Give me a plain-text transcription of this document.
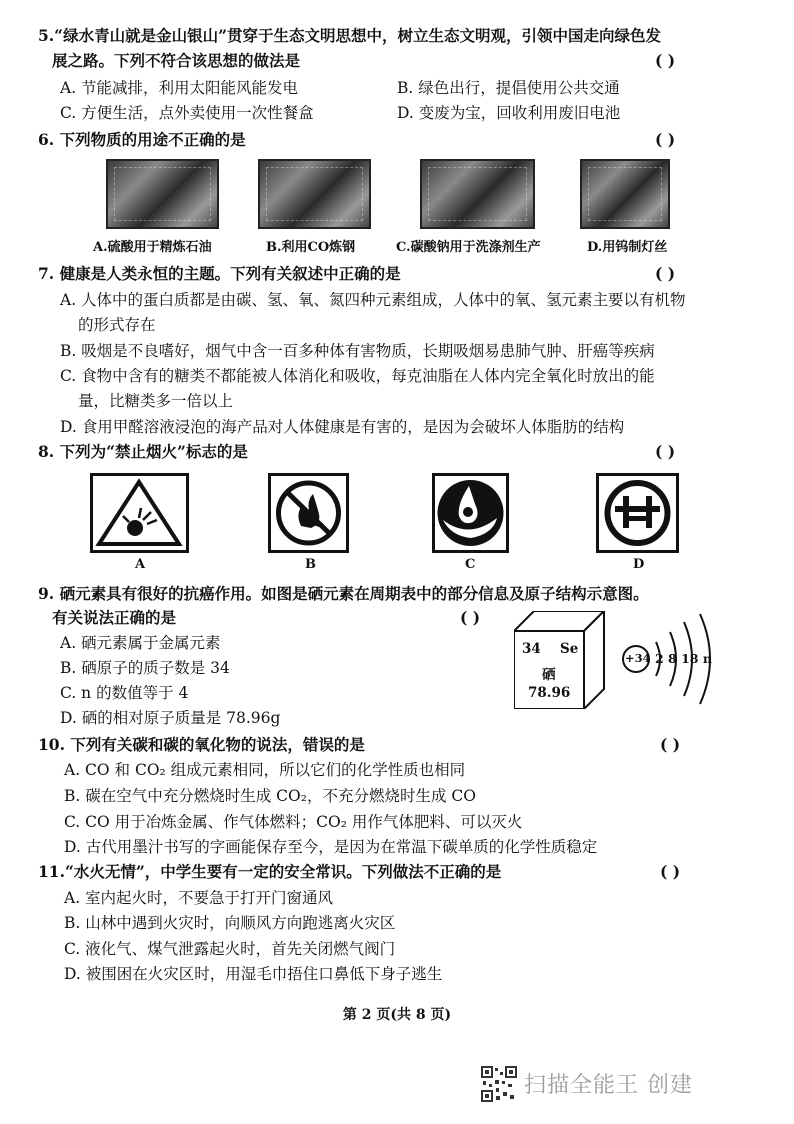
5.“绿水青山就是金山银山”贯穿于生态文明思想中，树立生态文明观，引领中国走向绿色发
展之路。下列不符合该思想的做法是	( )
A. 节能减排，利用太阳能风能发电	B. 绿色出行，提倡使用公共交通
C. 方便生活，点外卖使用一次性餐盒	D. 变废为宝，回收利用废旧电池
6. 下列物质的用途不正确的是	( )
A.硫酸用于精炼石油	B.利用CO炼钢	C.碳酸钠用于洗涤剂生产	D.用钨制灯丝
7. 健康是人类永恒的主题。下列有关叙述中正确的是	( )
A. 人体中的蛋白质都是由碳、氢、氧、氮四种元素组成，人体中的氧、氢元素主要以有机物
的形式存在
B. 吸烟是不良嗜好，烟气中含一百多种体有害物质，长期吸烟易患肺气肿、肝癌等疾病
C. 食物中含有的糖类不都能被人体消化和吸收，每克油脂在人体内完全氧化时放出的能
量，比糖类多一倍以上
D. 食用甲醛溶液浸泡的海产品对人体健康是有害的，是因为会破坏人体脂肪的结构
8. 下列为“禁止烟火”标志的是	( )
A	B	C	D
9. 硒元素具有很好的抗癌作用。如图是硒元素在周期表中的部分信息及原子结构示意图。
有关说法正确的是	( )
A. 硒元素属于金属元素
B. 硒原子的质子数是 34
C. n 的数值等于 4
D. 硒的相对原子质量是 78.96g
34 Se
硒
78.96
+34 2 8 18 n
10. 下列有关碳和碳的氧化物的说法，错误的是	( )
A. CO 和 CO₂ 组成元素相同，所以它们的化学性质也相同
B. 碳在空气中充分燃烧时生成 CO₂，不充分燃烧时生成 CO
C. CO 用于冶炼金属、作气体燃料；CO₂ 用作气体肥料、可以灭火
D. 古代用墨汁书写的字画能保存至今，是因为在常温下碳单质的化学性质稳定
11.“水火无情”，中学生要有一定的安全常识。下列做法不正确的是	( )
A. 室内起火时，不要急于打开门窗通风
B. 山林中遇到火灾时，向顺风方向跑逃离火灾区
C. 液化气、煤气泄露起火时，首先关闭燃气阀门
D. 被围困在火灾区时，用湿毛巾捂住口鼻低下身子逃生
第 2 页(共 8 页)
扫描全能王 创建
